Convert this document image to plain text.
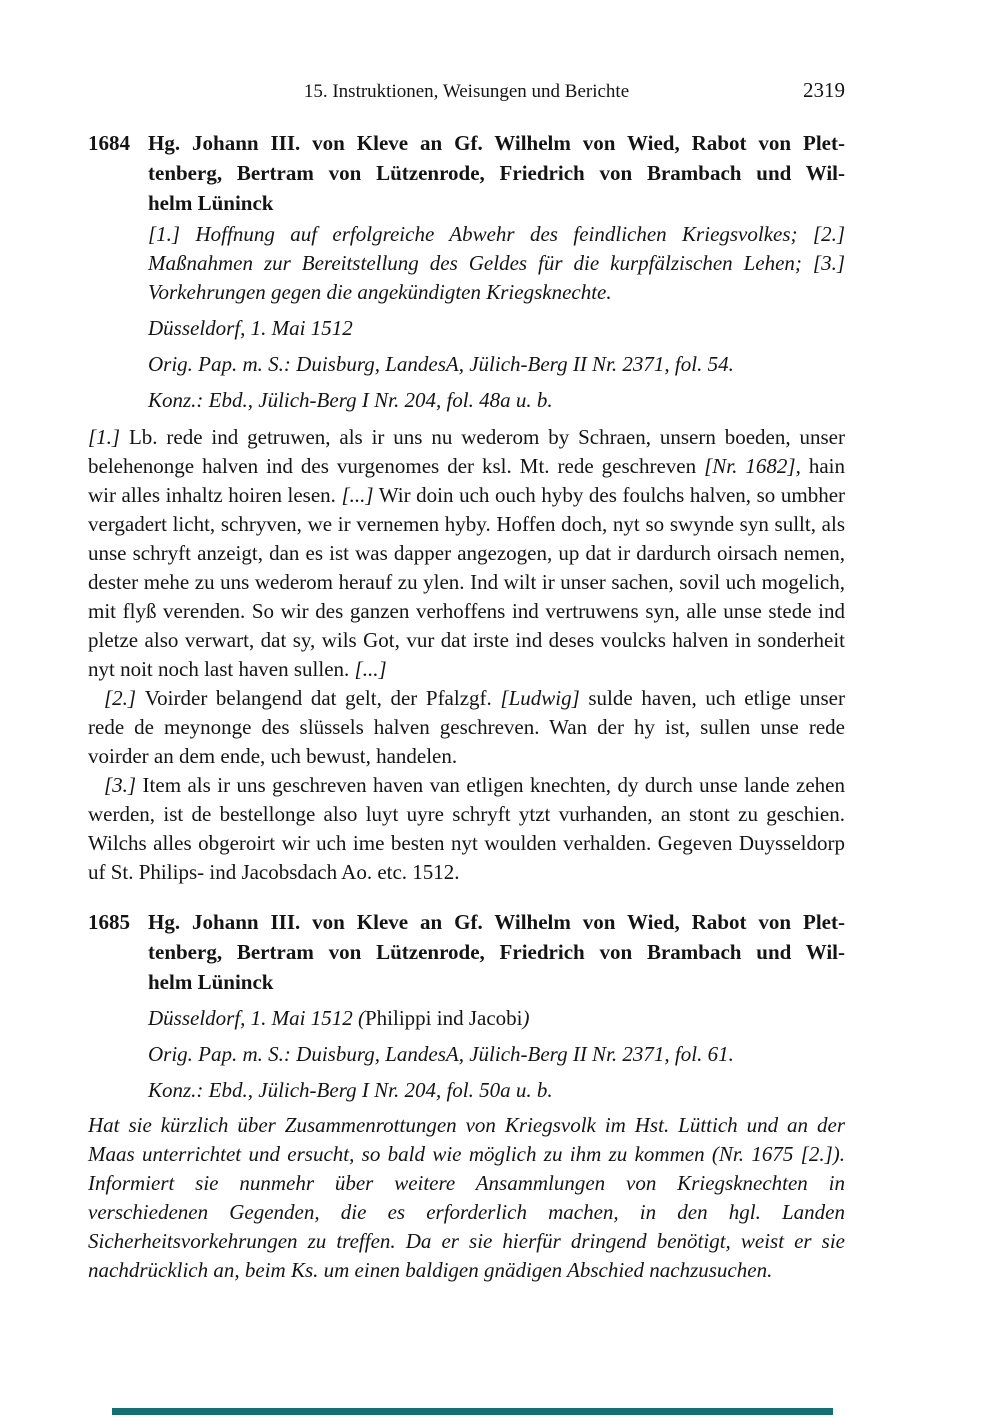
15. Instruktionen, Weisungen und Berichte	2319
1684 Hg. Johann III. von Kleve an Gf. Wilhelm von Wied, Rabot von Plet-
tenberg, Bertram von Lützenrode, Friedrich von Brambach und Wil-
helm Lüninck

[1.] Hoffnung auf erfolgreiche Abwehr des feindlichen Kriegsvolkes; [2.] Maßnahmen zur Bereitstellung des Geldes für die kurpfälzischen Lehen; [3.] Vorkehrungen gegen die angekündigten Kriegsknechte.

Düsseldorf, 1. Mai 1512

Orig. Pap. m. S.: Duisburg, LandesA, Jülich-Berg II Nr. 2371, fol. 54.

Konz.: Ebd., Jülich-Berg I Nr. 204, fol. 48a u. b.

[1.] Lb. rede ind getruwen, als ir uns nu wederom by Schraen, unsern boeden, unser belehenonge halven ind des vurgenomes der ksl. Mt. rede geschreven [Nr. 1682], hain wir alles inhaltz hoiren lesen. [...] Wir doin uch ouch hyby des foulchs halven, so umbher vergadert licht, schryven, we ir vernemen hyby. Hoffen doch, nyt so swynde syn sullt, als unse schryft anzeigt, dan es ist was dapper angezogen, up dat ir dardurch oirsach nemen, dester mehe zu uns wederom herauf zu ylen. Ind wilt ir unser sachen, sovil uch mogelich, mit flyß verenden. So wir des ganzen verhoffens ind vertruwens syn, alle unse stede ind pletze also verwart, dat sy, wils Got, vur dat irste ind deses voulcks halven in sonderheit nyt noit noch last haven sullen. [...]

[2.] Voirder belangend dat gelt, der Pfalzgf. [Ludwig] sulde haven, uch etlige unser rede de meynonge des slüssels halven geschreven. Wan der hy ist, sullen unse rede voirder an dem ende, uch bewust, handelen.

[3.] Item als ir uns geschreven haven van etligen knechten, dy durch unse lande zehen werden, ist de bestellonge also luyt uyre schryft ytzt vurhanden, an stont zu geschien. Wilchs alles obgeroirt wir uch ime besten nyt woulden verhalden. Gegeven Duysseldorp uf St. Philips- ind Jacobsdach Ao. etc. 1512.

1685 Hg. Johann III. von Kleve an Gf. Wilhelm von Wied, Rabot von Plet-
tenberg, Bertram von Lützenrode, Friedrich von Brambach und Wil-
helm Lüninck

Düsseldorf, 1. Mai 1512 (Philippi ind Jacobi)

Orig. Pap. m. S.: Duisburg, LandesA, Jülich-Berg II Nr. 2371, fol. 61.

Konz.: Ebd., Jülich-Berg I Nr. 204, fol. 50a u. b.

Hat sie kürzlich über Zusammenrottungen von Kriegsvolk im Hst. Lüttich und an der Maas unterrichtet und ersucht, so bald wie möglich zu ihm zu kommen (Nr. 1675 [2.]). Informiert sie nunmehr über weitere Ansammlungen von Kriegsknechten in verschiedenen Gegenden, die es erforderlich machen, in den hgl. Landen Sicherheitsvorkehrungen zu treffen. Da er sie hierfür dringend benötigt, weist er sie nachdrücklich an, beim Ks. um einen baldigen gnädigen Abschied nachzusuchen.
